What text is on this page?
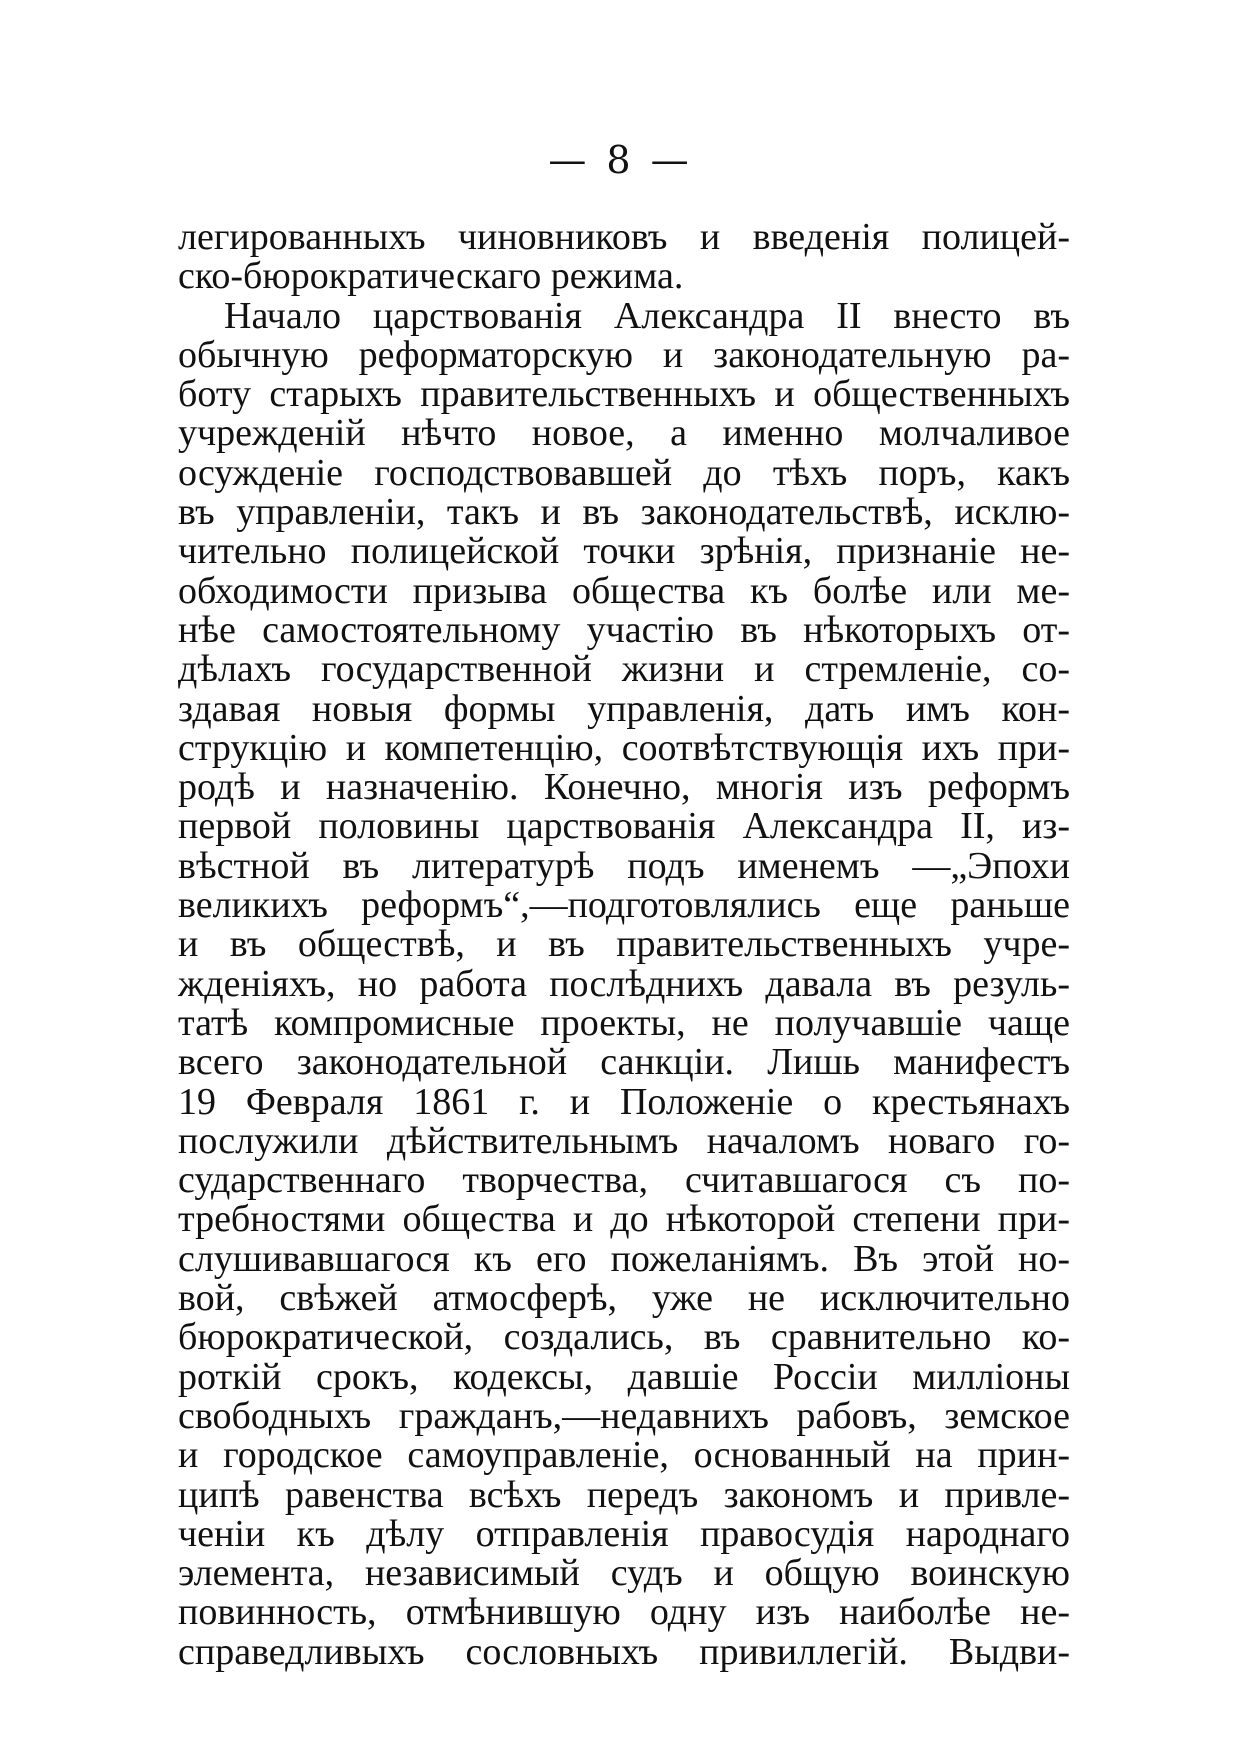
— 8 —
легированныхъ чиновниковъ и введенія полицей-
ско-бюрократическаго режима.
Начало царствованія Александра II внесто въ
обычную реформаторскую и законодательную ра-
боту старыхъ правительственныхъ и общественныхъ
учрежденій нѣчто новое, а именно молчаливое
осужденіе господствовавшей до тѣхъ поръ, какъ
въ управленіи, такъ и въ законодательствѣ, исклю-
чительно полицейской точки зрѣнія, признаніе не-
обходимости призыва общества къ болѣе или ме-
нѣе самостоятельному участію въ нѣкоторыхъ от-
дѣлахъ государственной жизни и стремленіе, со-
здавая новыя формы управленія, дать имъ кон-
струкцію и компетенцію, соотвѣтствующія ихъ при-
родѣ и назначенію. Конечно, многія изъ реформъ
первой половины царствованія Александра II, из-
вѣстной въ литературѣ подъ именемъ —„Эпохи
великихъ реформъ“,—подготовлялись еще раньше
и въ обществѣ, и въ правительственныхъ учре-
жденіяхъ, но работа послѣднихъ давала въ резуль-
татѣ компромисные проекты, не получавшіе чаще
всего законодательной санкціи. Лишь манифестъ
19 Февраля 1861 г. и Положеніе о крестьянахъ
послужили дѣйствительнымъ началомъ новаго го-
сударственнаго творчества, считавшагося съ по-
требностями общества и до нѣкоторой степени при-
слушивавшагося къ его пожеланіямъ. Въ этой но-
вой, свѣжей атмосферѣ, уже не исключительно
бюрократической, создались, въ сравнительно ко-
роткій срокъ, кодексы, давшіе Россіи милліоны
свободныхъ гражданъ,—недавнихъ рабовъ, земское
и городское самоуправленіе, основанный на прин-
ципѣ равенства всѣхъ передъ закономъ и привле-
ченіи къ дѣлу отправленія правосудія народнаго
элемента, независимый судъ и общую воинскую
повинность, отмѣнившую одну изъ наиболѣе не-
справедливыхъ сословныхъ привиллегій. Выдви-
